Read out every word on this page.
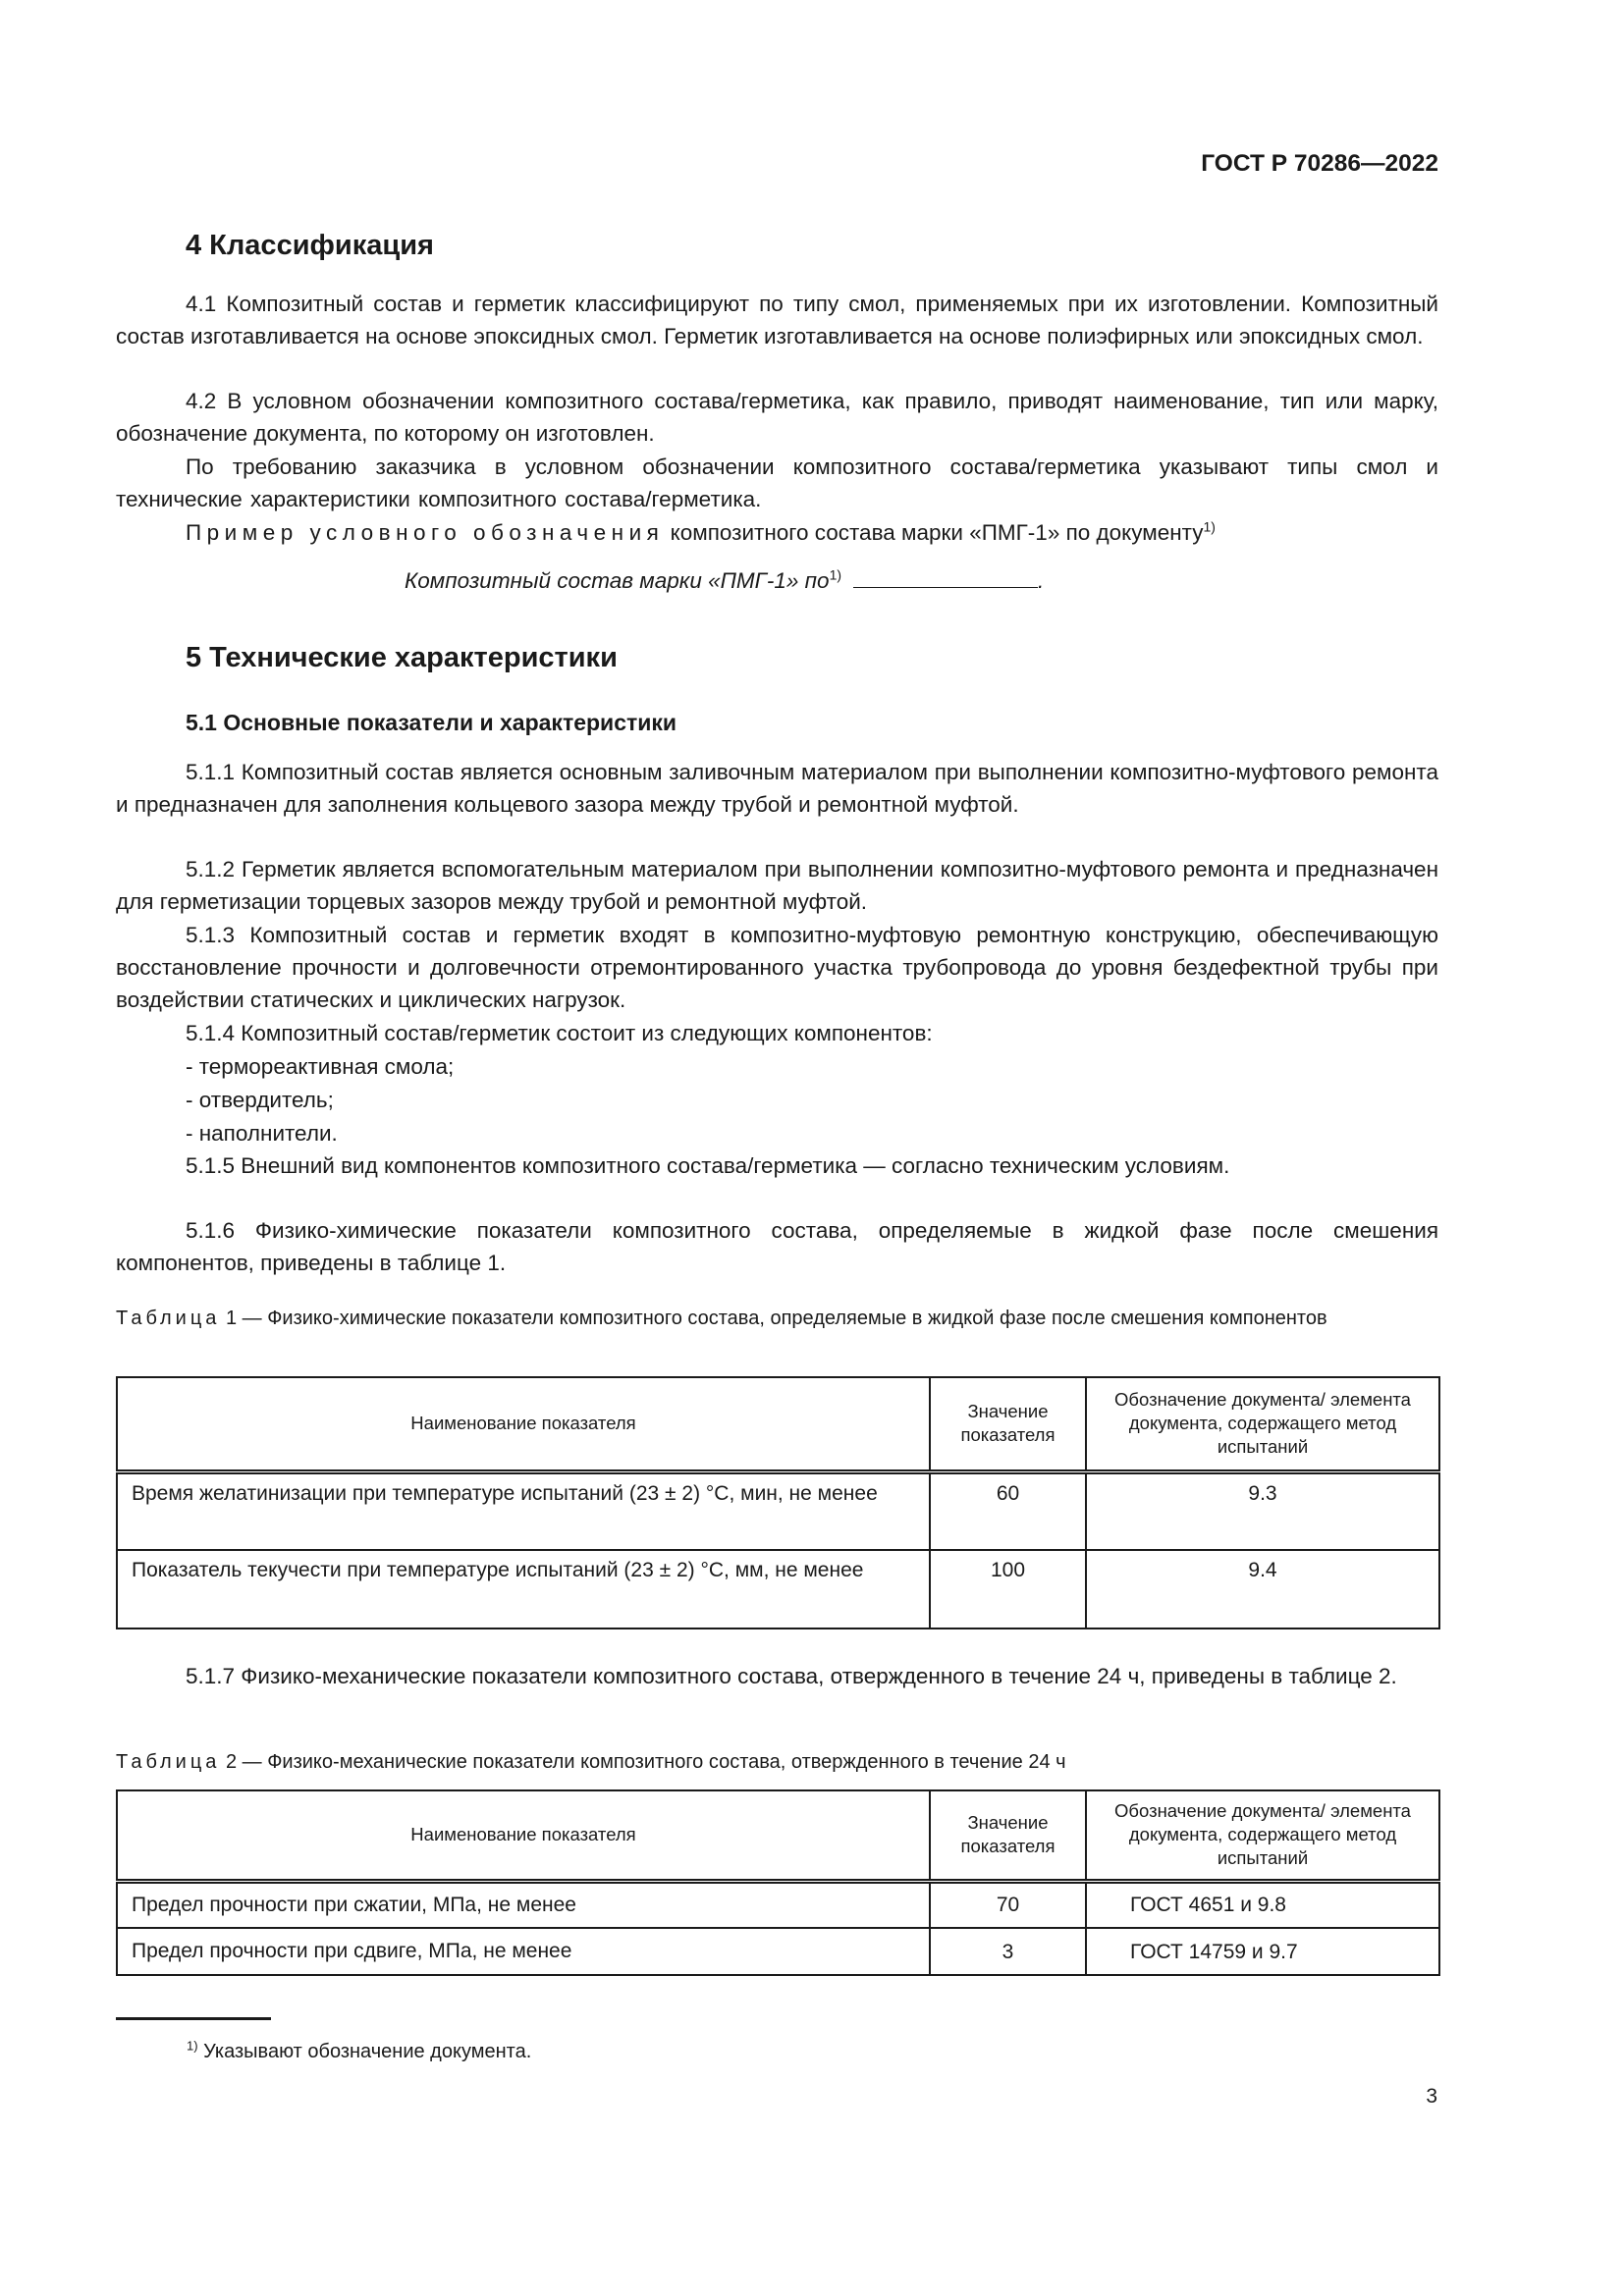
ГОСТ Р 70286—2022
4 Классификация

4.1 Композитный состав и герметик классифицируют по типу смол, применяемых при их изготовлении. Композитный состав изготавливается на основе эпоксидных смол. Герметик изготавливается на основе полиэфирных или эпоксидных смол.

4.2 В условном обозначении композитного состава/герметика, как правило, приводят наименование, тип или марку, обозначение документа, по которому он изготовлен.

По требованию заказчика в условном обозначении композитного состава/герметика указывают типы смол и технические характеристики композитного состава/герметика.

Пример условного обозначения композитного состава марки «ПМГ-1» по документу$^{1)}$

Композитный состав марки «ПМГ-1» $по^{1)}$	.

5 Технические характеристики
5.1 Основные показатели и характеристики

5.1.1 Композитный состав является основным заливочным материалом при выполнении композитно-муфтового ремонта и предназначен для заполнения кольцевого зазора между трубой и ремонтной муфтой.

5.1.2 Герметик является вспомогательным материалом при выполнении композитно-муфтового ремонта и предназначен для герметизации торцевых зазоров между трубой и ремонтной муфтой.

5.1.3 Композитный состав и герметик входят в композитно-муфтовую ремонтную конструкцию, обеспечивающую восстановление прочности и долговечности отремонтированного участка трубопровода до уровня бездефектной трубы при воздействии статических и циклических нагрузок.

5.1.4 Композитный состав/герметик состоит из следующих компонентов:

- термореактивная смола;
- отвердитель;
- наполнители.

5.1.5 Внешний вид компонентов композитного состава/герметика — согласно техническим условиям.

5.1.6 Физико-химические показатели композитного состава, определяемые в жидкой фазе после смешения компонентов, приведены в таблице 1.

Таблица 1 — Физико-химические показатели композитного состава, определяемые в жидкой фазе после смешения компонентов

Наименование показателя	Значение показателя	Обозначение документа/ элемента документа, содержащего метод испытаний
Время желатинизации при температуре испытаний (23 ± 2) °С, мин, не менее	60	9.3
Показатель текучести при температуре испытаний (23 ± 2) °С, мм, не менее	100	9.4

5.1.7 Физико-механические показатели композитного состава, отвержденного в течение 24 ч, приведены в таблице 2.

Таблица 2 — Физико-механические показатели композитного состава, отвержденного в течение 24 ч

Наименование показателя	Значение показателя	Обозначение документа/ элемента документа, содержащего метод испытаний
Предел прочности при сжатии, МПа, не менее	70	ГОСТ 4651 и 9.8
Предел прочности при сдвиге, МПа, не менее	3	ГОСТ 14759 и 9.7
$^{1)}$ Указывают обозначение документа.
3
